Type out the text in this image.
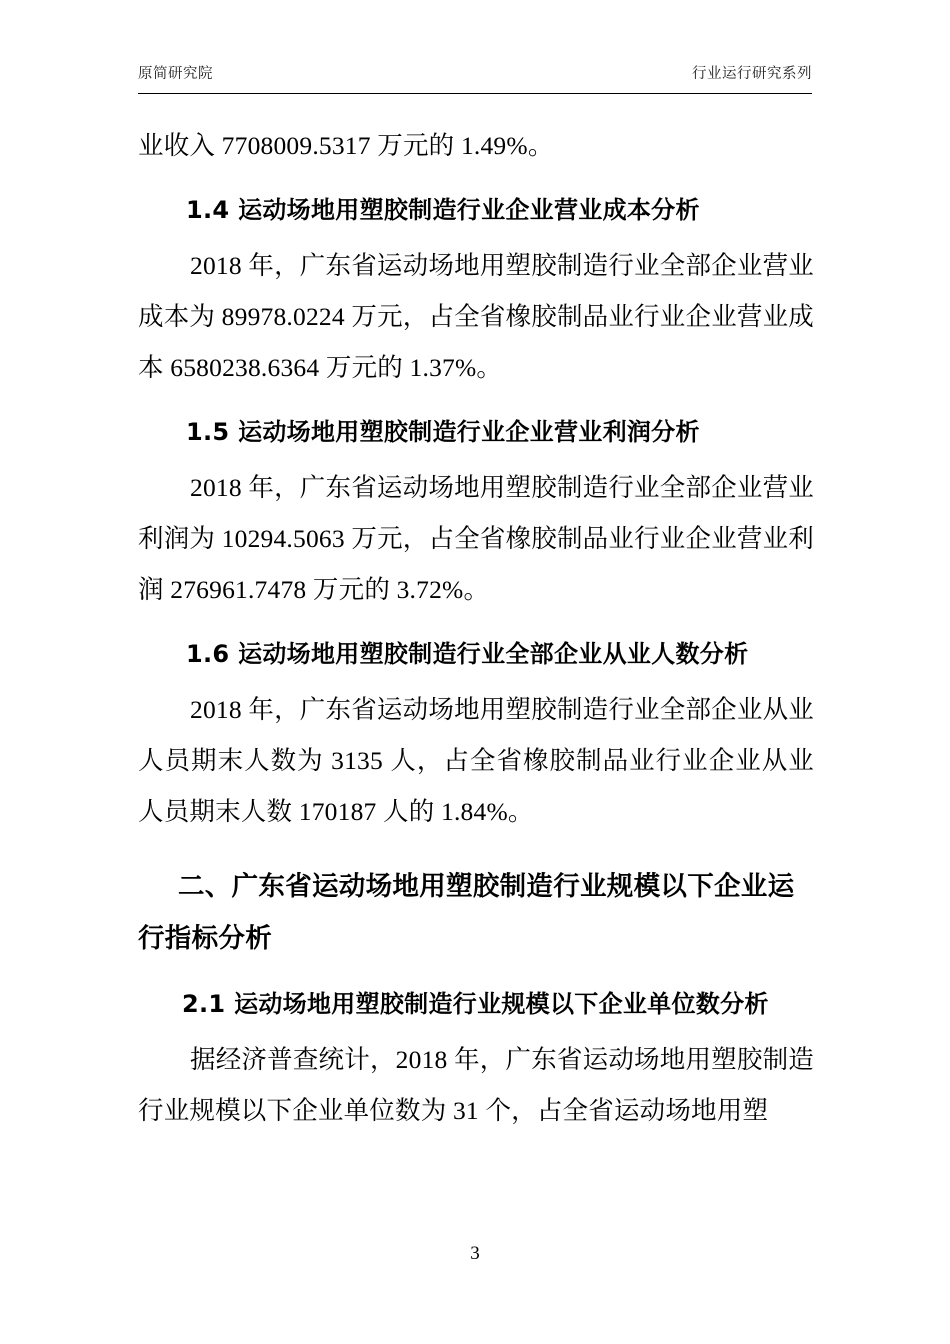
原简研究院	行业运行研究系列

业收入 7708009.5317 万元的 1.49%。

1.4 运动场地用塑胶制造行业企业营业成本分析

2018 年，广东省运动场地用塑胶制造行业全部企业营业成本为 89978.0224 万元，占全省橡胶制品业行业企业营业成本 6580238.6364 万元的 1.37%。

1.5 运动场地用塑胶制造行业企业营业利润分析

2018 年，广东省运动场地用塑胶制造行业全部企业营业利润为 10294.5063 万元，占全省橡胶制品业行业企业营业利润 276961.7478 万元的 3.72%。

1.6 运动场地用塑胶制造行业全部企业从业人数分析

2018 年，广东省运动场地用塑胶制造行业全部企业从业人员期末人数为 3135 人，占全省橡胶制品业行业企业从业人员期末人数 170187 人的 1.84%。

二、广东省运动场地用塑胶制造行业规模以下企业运行指标分析
2.1 运动场地用塑胶制造行业规模以下企业单位数分析

据经济普查统计，2018 年，广东省运动场地用塑胶制造行业规模以下企业单位数为 31 个，占全省运动场地用塑

3
